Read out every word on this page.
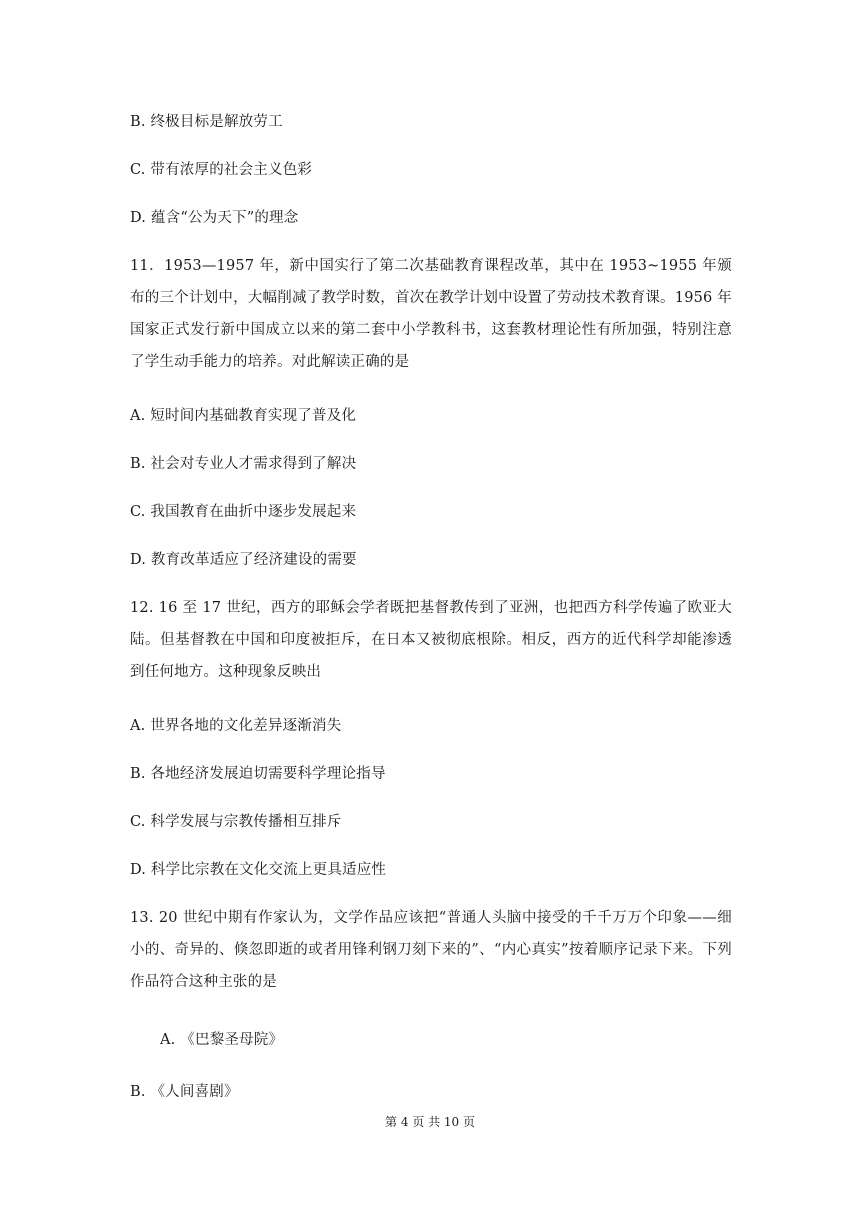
B. 终极目标是解放劳工
C. 带有浓厚的社会主义色彩
D. 蕴含“公为天下”的理念
11．1953—1957 年，新中国实行了第二次基础教育课程改革，其中在 1953~1955 年颁布的三个计划中，大幅削减了教学时数，首次在教学计划中设置了劳动技术教育课。1956 年国家正式发行新中国成立以来的第二套中小学教科书，这套教材理论性有所加强，特别注意了学生动手能力的培养。对此解读正确的是
A. 短时间内基础教育实现了普及化
B. 社会对专业人才需求得到了解决
C. 我国教育在曲折中逐步发展起来
D. 教育改革适应了经济建设的需要
12. 16 至 17 世纪，西方的耶稣会学者既把基督教传到了亚洲，也把西方科学传遍了欧亚大陆。但基督教在中国和印度被拒斥，在日本又被彻底根除。相反，西方的近代科学却能渗透到任何地方。这种现象反映出
A. 世界各地的文化差异逐渐消失
B. 各地经济发展迫切需要科学理论指导
C. 科学发展与宗教传播相互排斥
D. 科学比宗教在文化交流上更具适应性
13. 20 世纪中期有作家认为，文学作品应该把“普通人头脑中接受的千千万万个印象——细小的、奇异的、倏忽即逝的或者用锋利钢刀刻下来的”、“内心真实”按着顺序记录下来。下列作品符合这种主张的是
A. 《巴黎圣母院》
B. 《人间喜剧》
第 4 页 共 10 页
